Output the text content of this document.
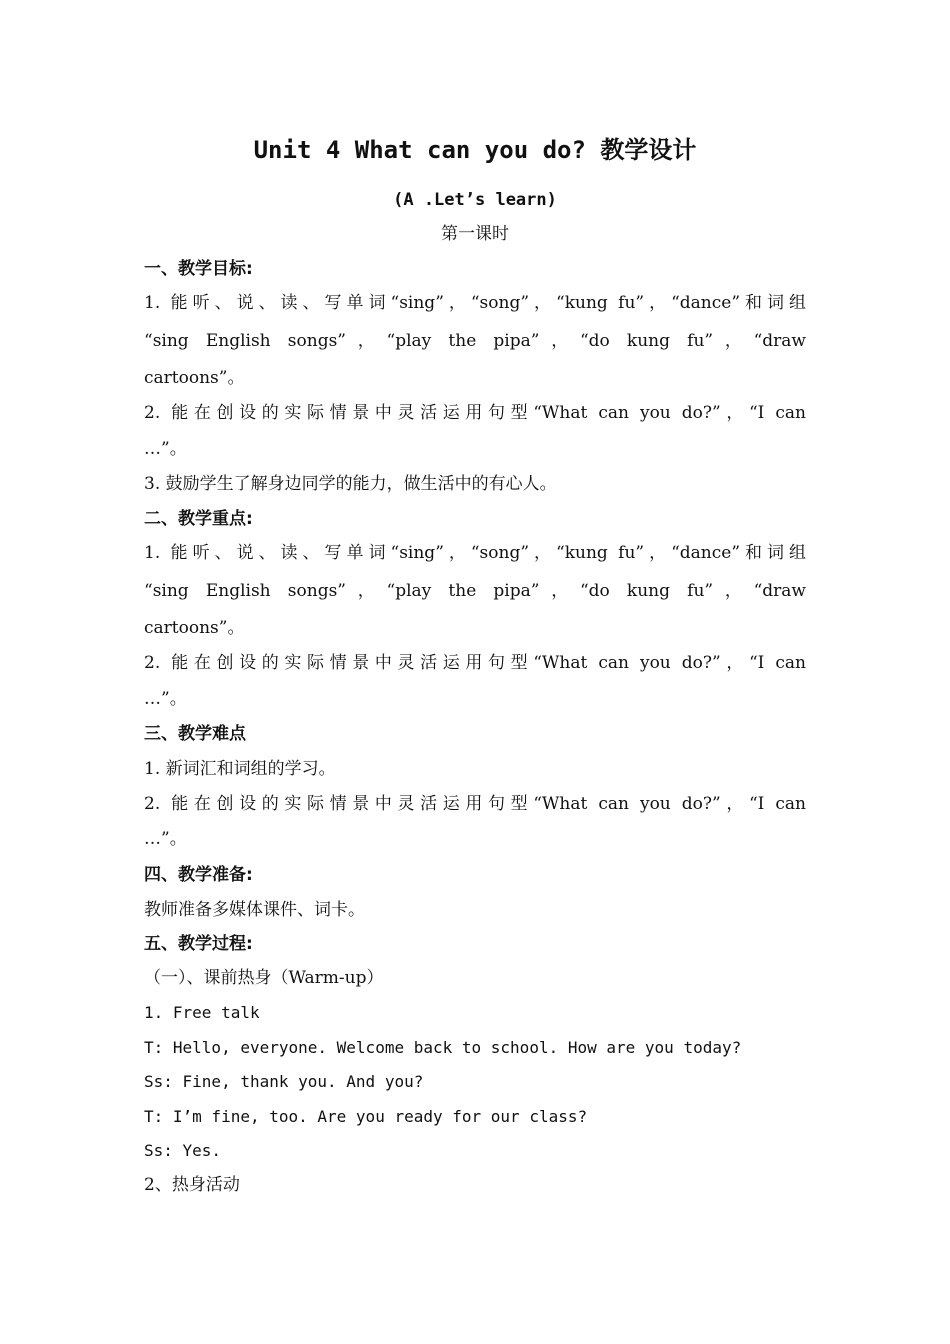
Unit 4 What can you do? 教学设计
(A .Let’s learn)
第一课时
一、教学目标:
1. 能听、说、读、写单词“sing”，“song”，“kung fu”，“dance”和词组
“sing English songs”，“play the pipa”，“do kung fu”，“draw
cartoons”。
2. 能在创设的实际情景中灵活运用句型“What can you do?”，“I can
…”。
3. 鼓励学生了解身边同学的能力，做生活中的有心人。
二、教学重点:
1. 能听、说、读、写单词“sing”，“song”，“kung fu”，“dance”和词组
“sing English songs”，“play the pipa”，“do kung fu”，“draw
cartoons”。
2. 能在创设的实际情景中灵活运用句型“What can you do?”，“I can
…”。
三、教学难点
1. 新词汇和词组的学习。
2. 能在创设的实际情景中灵活运用句型“What can you do?”，“I can
…”。
四、教学准备:
教师准备多媒体课件、词卡。
五、教学过程:
（一）、课前热身（Warm-up）
1. Free talk
T: Hello, everyone. Welcome back to school. How are you today?
Ss: Fine, thank you. And you?
T: I’m fine, too. Are you ready for our class?
Ss: Yes.
2、热身活动
